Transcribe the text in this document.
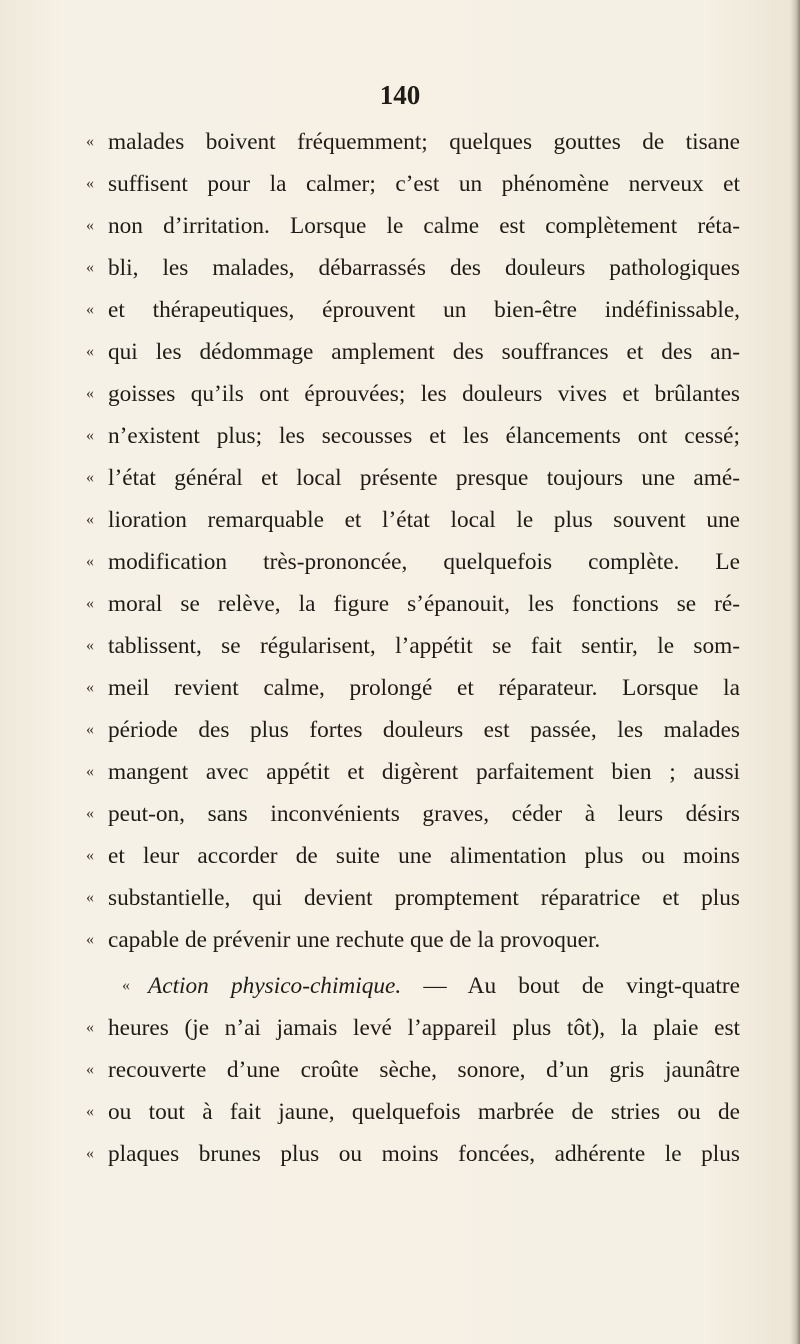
140
« malades boivent fréquemment; quelques gouttes de tisane
« suffisent pour la calmer; c’est un phénomène nerveux et
« non d’irritation. Lorsque le calme est complètement réta-
« bli, les malades, débarrassés des douleurs pathologiques
« et thérapeutiques, éprouvent un bien-être indéfinissable,
« qui les dédommage amplement des souffrances et des an-
« goisses qu’ils ont éprouvées; les douleurs vives et brûlantes
« n’existent plus; les secousses et les élancements ont cessé;
« l’état général et local présente presque toujours une amé-
« lioration remarquable et l’état local le plus souvent une
« modification très-prononcée, quelquefois complète. Le
« moral se relève, la figure s’épanouit, les fonctions se ré-
« tablissent, se régularisent, l’appétit se fait sentir, le som-
« meil revient calme, prolongé et réparateur. Lorsque la
« période des plus fortes douleurs est passée, les malades
« mangent avec appétit et digèrent parfaitement bien ; aussi
« peut-on, sans inconvénients graves, céder à leurs désirs
« et leur accorder de suite une alimentation plus ou moins
« substantielle, qui devient promptement réparatrice et plus
« capable de prévenir une rechute que de la provoquer.
« Action physico-chimique. — Au bout de vingt-quatre
« heures (je n’ai jamais levé l’appareil plus tôt), la plaie est
« recouverte d’une croûte sèche, sonore, d’un gris jaunâtre
« ou tout à fait jaune, quelquefois marbrée de stries ou de
« plaques brunes plus ou moins foncées, adhérente le plus
